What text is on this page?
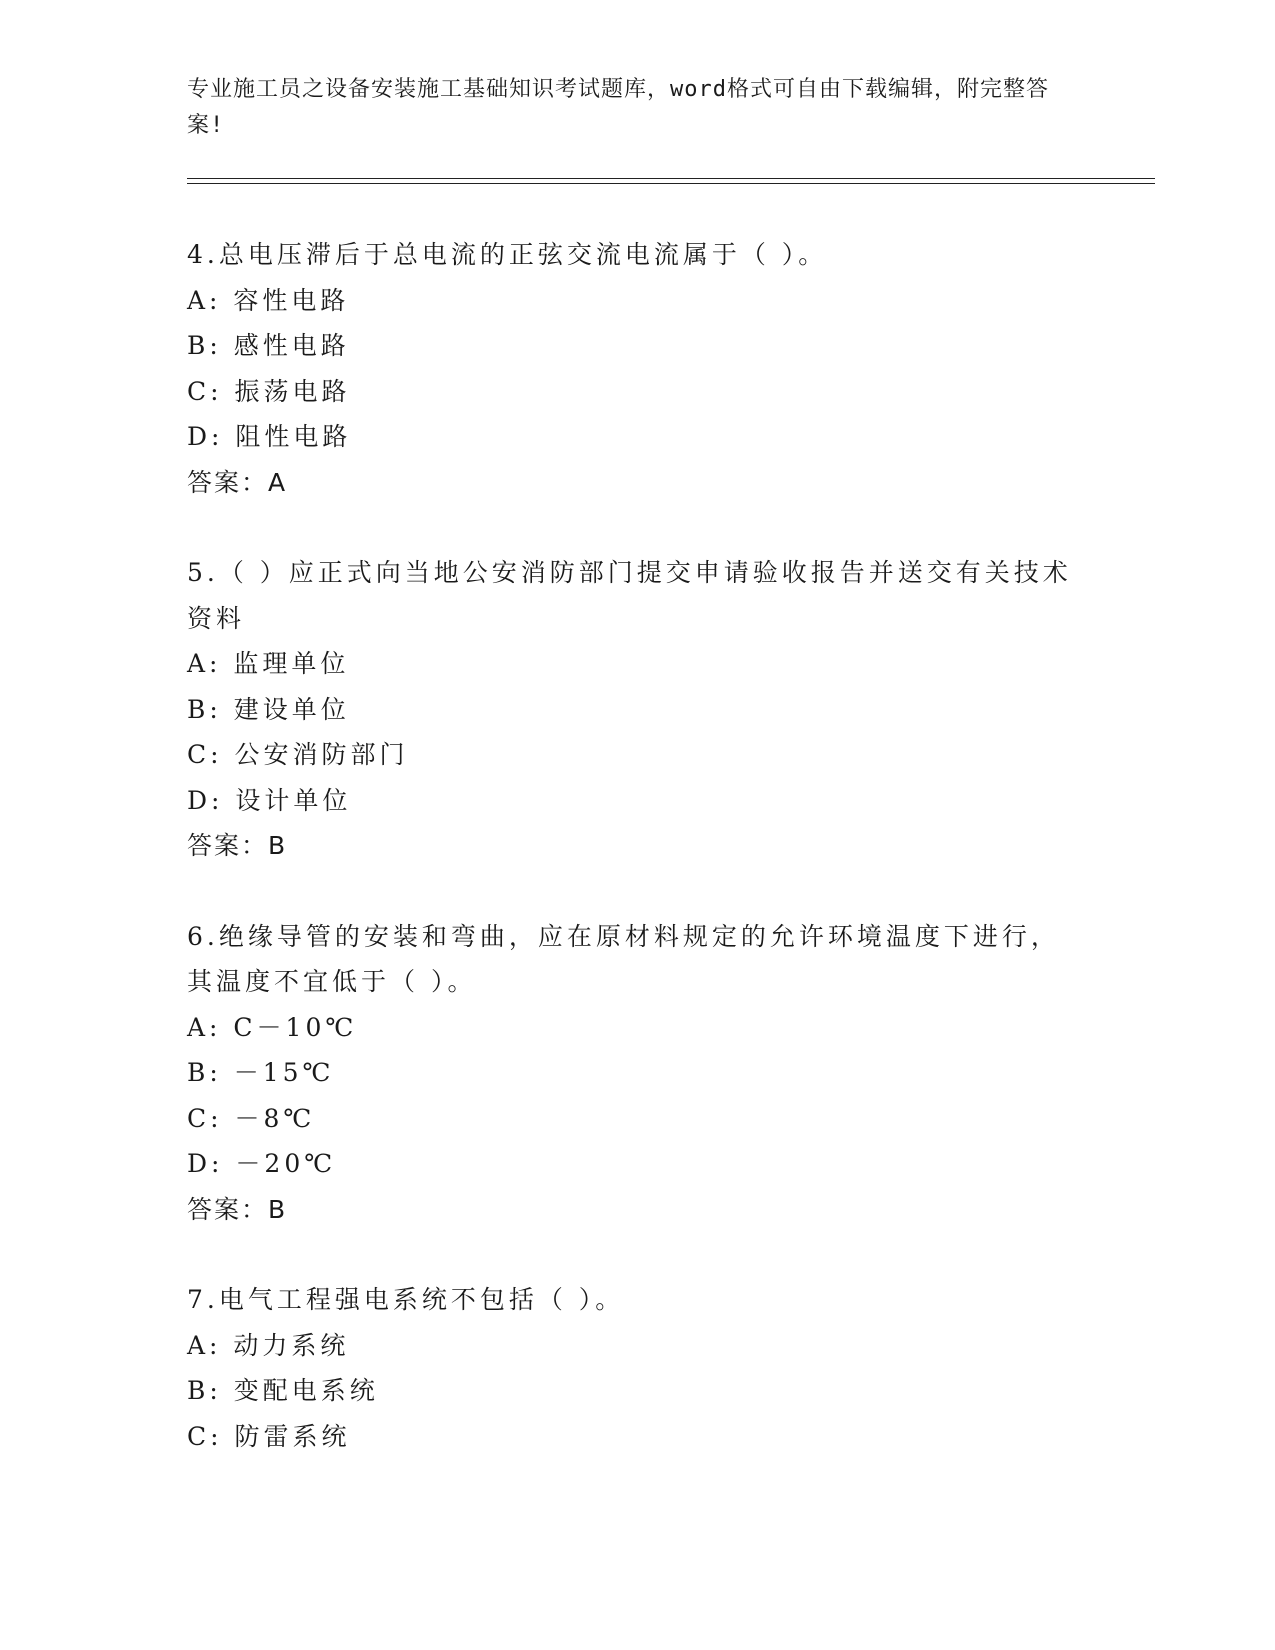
专业施工员之设备安装施工基础知识考试题库，word格式可自由下载编辑，附完整答案!
4.总电压滞后于总电流的正弦交流电流属于（ ）。
A: 容性电路
B: 感性电路
C: 振荡电路
D: 阻性电路
答案：A
5.（ ）应正式向当地公安消防部门提交申请验收报告并送交有关技术资料
A: 监理单位
B: 建设单位
C: 公安消防部门
D: 设计单位
答案：B
6.绝缘导管的安装和弯曲，应在原材料规定的允许环境温度下进行，其温度不宜低于（ ）。
A: C－10℃
B: －15℃
C: －8℃
D: －20℃
答案：B
7.电气工程强电系统不包括（ ）。
A: 动力系统
B: 变配电系统
C: 防雷系统
